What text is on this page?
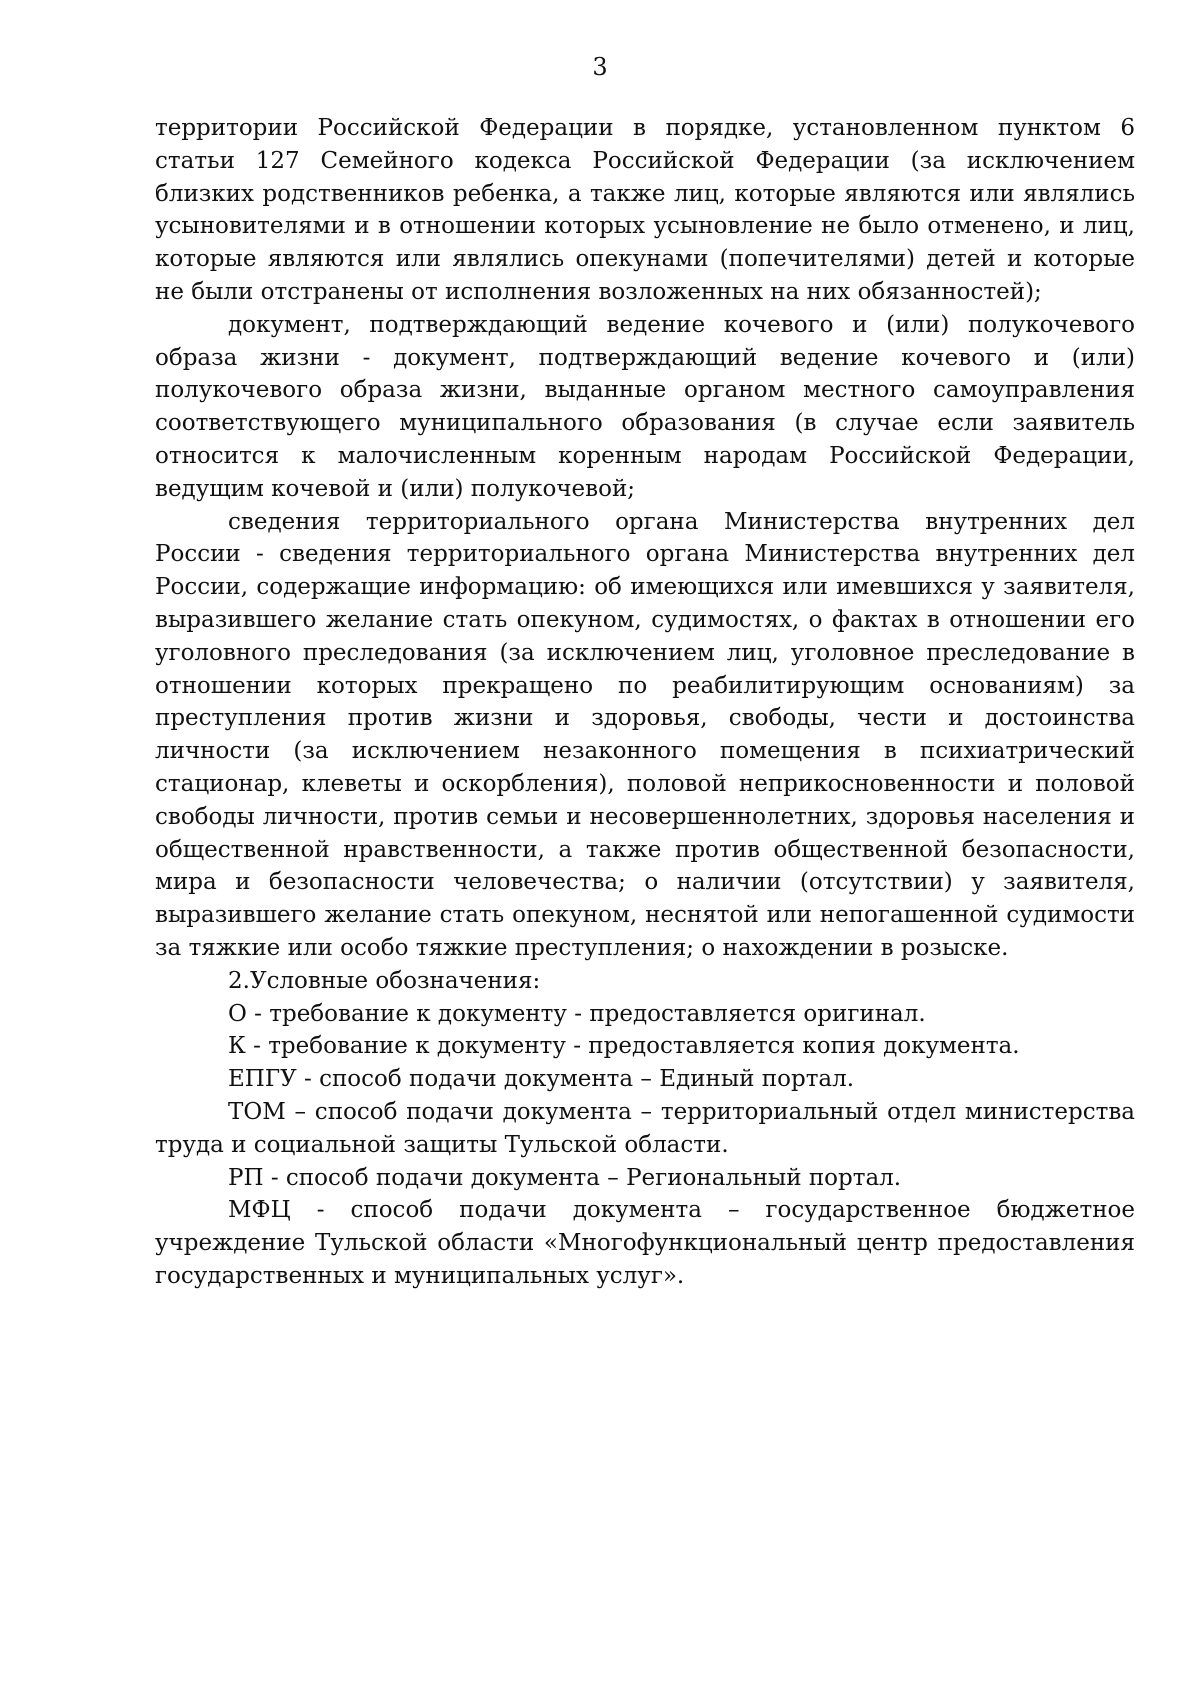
3

территории Российской Федерации в порядке, установленном пунктом 6 статьи 127 Семейного кодекса Российской Федерации (за исключением близких родственников ребенка, а также лиц, которые являются или являлись усыновителями и в отношении которых усыновление не было отменено, и лиц, которые являются или являлись опекунами (попечителями) детей и которые не были отстранены от исполнения возложенных на них обязанностей);

документ, подтверждающий ведение кочевого и (или) полукочевого образа жизни - документ, подтверждающий ведение кочевого и (или) полукочевого образа жизни, выданные органом местного самоуправления соответствующего муниципального образования (в случае если заявитель относится к малочисленным коренным народам Российской Федерации, ведущим кочевой и (или) полукочевой;

сведения территориального органа Министерства внутренних дел России - сведения территориального органа Министерства внутренних дел России, содержащие информацию: об имеющихся или имевшихся у заявителя, выразившего желание стать опекуном, судимостях, о фактах в отношении его уголовного преследования (за исключением лиц, уголовное преследование в отношении которых прекращено по реабилитирующим основаниям) за преступления против жизни и здоровья, свободы, чести и достоинства личности (за исключением незаконного помещения в психиатрический стационар, клеветы и оскорбления), половой неприкосновенности и половой свободы личности, против семьи и несовершеннолетних, здоровья населения и общественной нравственности, а также против общественной безопасности, мира и безопасности человечества; о наличии (отсутствии) у заявителя, выразившего желание стать опекуном, неснятой или непогашенной судимости за тяжкие или особо тяжкие преступления; о нахождении в розыске.

2.Условные обозначения:

О - требование к документу - предоставляется оригинал.

К - требование к документу - предоставляется копия документа.

ЕПГУ - способ подачи документа – Единый портал.

ТОМ – способ подачи документа – территориальный отдел министерства труда и социальной защиты Тульской области.

РП - способ подачи документа – Региональный портал.

МФЦ - способ подачи документа – государственное бюджетное учреждение Тульской области «Многофункциональный центр предоставления государственных и муниципальных услуг».
